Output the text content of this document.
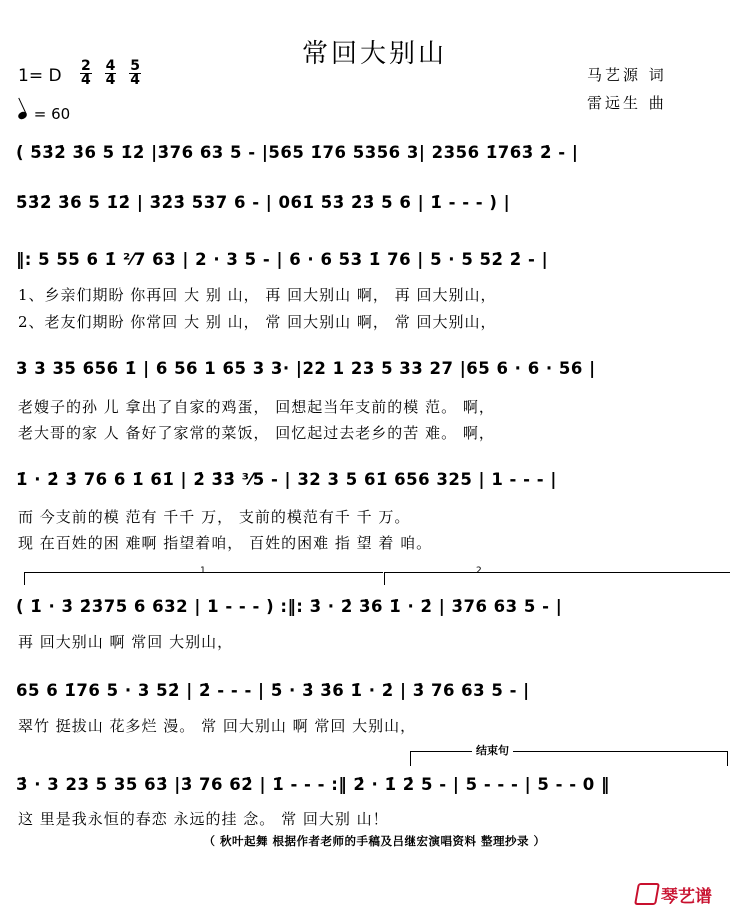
常回大别山
1= D $\frac{2}{4} \frac{4}{4} \frac{5}{4}$	马艺源 词
雷远生 曲
= 60
( 5̇3̇2̇ 3̇6 5 1̇2̇ |3̇76 63 5 - |565 1̇76 5356 3| 2356 1̇763̇ 2̇ - |
5̇3̇2̇ 3̇6 5 1̇2̇ | 3̇2̇3̇ 537 6 - | 061̇ 5̇3̇ 2̇3̇ 5 6 | 1̇ - - - ) |
‖: 5 55 6 1̇ ²⁄7 63 | 2 · 3 5 - | 6 · 6 53 1̇ 76 | 5 · 5 52̇ 2̇ - |
1、乡亲们期盼 你再回 大 别 山， 再 回大别山 啊， 再 回大别山，
2、老友们期盼 你常回 大 别 山， 常 回大别山 啊， 常 回大别山，
3 3 35 656 1̇ | 6 56 1 65 3 3· |22 1 23 5 33 27 |65 6 · 6 · 56 |
老嫂子的孙 儿 拿出了自家的鸡蛋， 回想起当年支前的模 范。 啊，
老大哥的家 人 备好了家常的菜饭， 回忆起过去老乡的苦 难。 啊，
1̇ · 2̇ 3̇ 76 6 1̇ 61̇ | 2̇ 3̇3̇ ³⁄5 - | 32 3 5 61̇ 656 325 | 1 - - - |
而 今支前的模 范有 千千 万， 支前的模范有千 千 万。
现 在百姓的困 难啊 指望着咱， 百姓的困难 指 望 着 咱。
1	2
( 1̇ · 3̇ 2̇3̇75 6 632 | 1 - - - ) :‖: 3̇ · 2̇ 3̇6 1̇ · 2̇ | 3̇76 63 5 - |
再 回大别山 啊 常回 大别山，
65 6 1̇76 5 · 3 52̇ | 2̇ - - - | 5̇ · 3̇ 3̇6 1̇ · 2̇ | 3̇ 76 63 5 - |
翠竹 挺拔山 花多烂 漫。 常 回大别山 啊 常回 大别山，
结束句
3̇ · 3 23 5 35 63̇ |3̇ 76 62̇ | 1̇ - - - :‖ 2̇ · 1̇ 2̇ 5 - | 5 - - - | 5 - - 0 ‖
这 里是我永恒的春恋 永远的挂 念。 常 回大别 山！
（ 秋叶起舞 根据作者老师的手稿及吕继宏演唱资料 整理抄录 ）
琴艺谱
